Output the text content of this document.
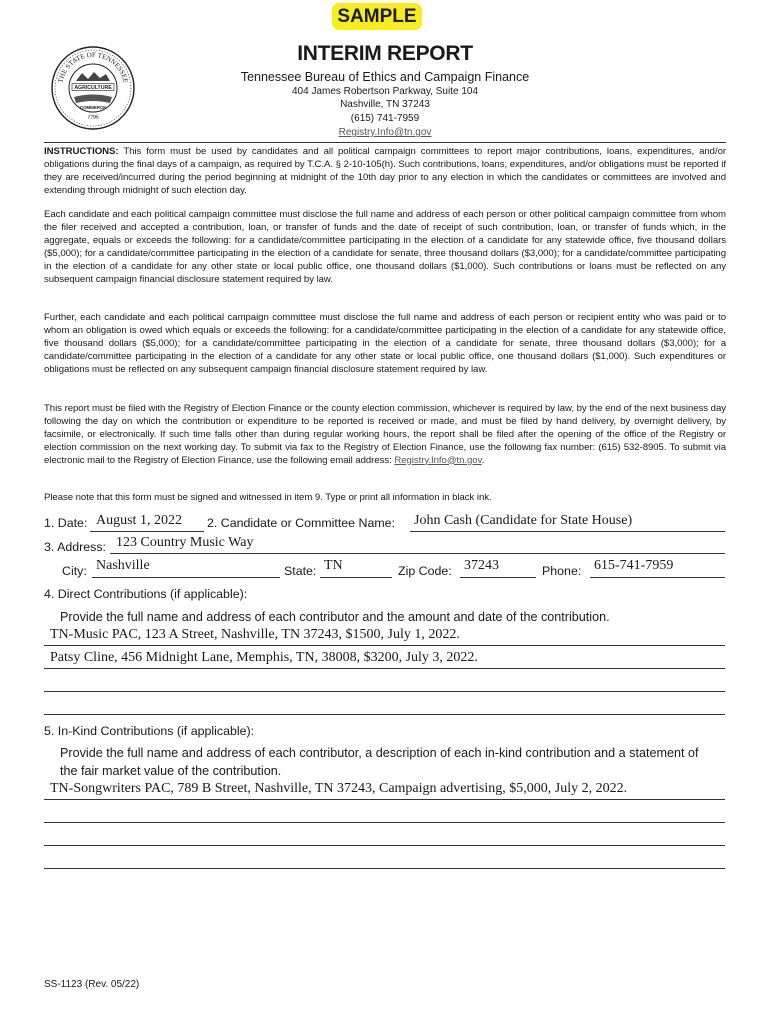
SAMPLE
THE STATE OF TENNESSEE
1796
AGRICULTURE
COMMERCE
INTERIM REPORT
Tennessee Bureau of Ethics and Campaign Finance
404 James Robertson Parkway, Suite 104
Nashville, TN 37243
(615) 741-7959
Registry.Info@tn.gov
INSTRUCTIONS: This form must be used by candidates and all political campaign committees to report major contributions, loans, expenditures, and/or obligations during the final days of a campaign, as required by T.C.A. § 2-10-105(h). Such contributions, loans, expenditures, and/or obligations must be reported if they are received/incurred during the period beginning at midnight of the 10th day prior to any election in which the candidates or committees are involved and extending through midnight of such election day.
Each candidate and each political campaign committee must disclose the full name and address of each person or other political campaign committee from whom the filer received and accepted a contribution, loan, or transfer of funds and the date of receipt of such contribution, loan, or transfer of funds which, in the aggregate, equals or exceeds the following: for a candidate/committee participating in the election of a candidate for any statewide office, five thousand dollars ($5,000); for a candidate/committee participating in the election of a candidate for senate, three thousand dollars ($3,000); for a candidate/committee participating in the election of a candidate for any other state or local public office, one thousand dollars ($1,000). Such contributions or loans must be reflected on any subsequent campaign financial disclosure statement required by law.
Further, each candidate and each political campaign committee must disclose the full name and address of each person or recipient entity who was paid or to whom an obligation is owed which equals or exceeds the following: for a candidate/committee participating in the election of a candidate for any statewide office, five thousand dollars ($5,000); for a candidate/committee participating in the election of a candidate for senate, three thousand dollars ($3,000); for a candidate/committee participating in the election of a candidate for any other state or local public office, one thousand dollars ($1,000). Such expenditures or obligations must be reflected on any subsequent campaign financial disclosure statement required by law.
This report must be filed with the Registry of Election Finance or the county election commission, whichever is required by law, by the end of the next business day following the day on which the contribution or expenditure to be reported is received or made, and must be filed by hand delivery, by overnight delivery, by facsimile, or electronically. If such time falls other than during regular working hours, the report shall be filed after the opening of the office of the Registry or election commission on the next working day. To submit via fax to the Registry of Election Finance, use the following fax number: (615) 532-8905. To submit via electronic mail to the Registry of Election Finance, use the following email address: Registry.Info@tn.gov.
Please note that this form must be signed and witnessed in item 9. Type or print all information in black ink.
1. Date: August 1, 2022 2. Candidate or Committee Name: John Cash (Candidate for State House)
3. Address: 123 Country Music Way
City: Nashville	State: TN	Zip Code: 37243	Phone: 615-741-7959
4. Direct Contributions (if applicable):
Provide the full name and address of each contributor and the amount and date of the contribution.
TN-Music PAC, 123 A Street, Nashville, TN 37243, $1500, July 1, 2022.
Patsy Cline, 456 Midnight Lane, Memphis, TN, 38008, $3200, July 3, 2022.
5. In-Kind Contributions (if applicable):
Provide the full name and address of each contributor, a description of each in-kind contribution and a statement of
the fair market value of the contribution.
TN-Songwriters PAC, 789 B Street, Nashville, TN 37243, Campaign advertising, $5,000, July 2, 2022.
SS-1123 (Rev. 05/22)
